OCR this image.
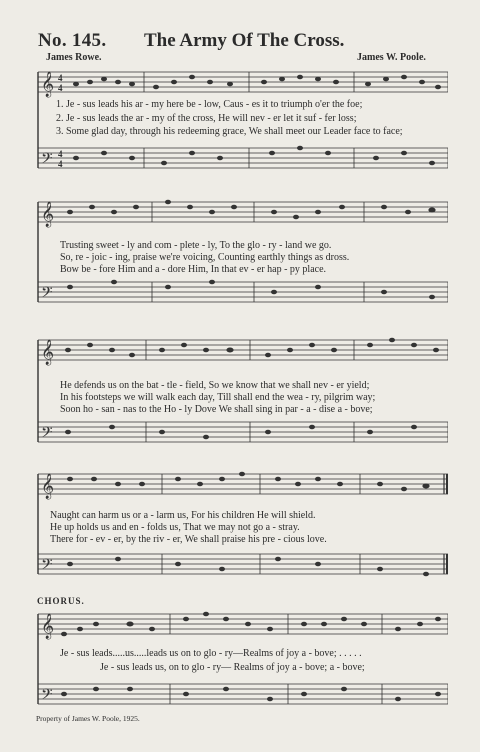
No. 145. The Army Of The Cross.
James Rowe.	James W. Poole.
𝄞
𝄢
4
4
4
4
1. Je - sus leads his ar - my here be - low, Caus - es it to triumph o'er the foe;
2. Je - sus leads the ar - my of the cross, He will nev - er let it suf - fer loss;
3. Some glad day, through his redeeming grace, We shall meet our Leader face to face;
𝄞
𝄢
Trusting sweet - ly and com - plete - ly, To the glo - ry - land we go.
So, re - joic - ing, praise we're voicing, Counting earthly things as dross.
Bow be - fore Him and a - dore Him, In that ev - er hap - py place.
𝄞
𝄢
He defends us on the bat - tle - field, So we know that we shall nev - er yield;
In his footsteps we will walk each day, Till shall end the wea - ry, pilgrim way;
Soon ho - san - nas to the Ho - ly Dove We shall sing in par - a - dise a - bove;
𝄞
𝄢
Naught can harm us or a - larm us, For his children He will shield.
He up holds us and en - folds us, That we may not go a - stray.
There for - ev - er, by the riv - er, We shall praise his pre - cious love.
CHORUS.
𝄞
𝄢
Je - sus leads.....us.....leads us on to glo - ry—Realms of joy a - bove; . . . . .
Je - sus leads us, on to glo - ry— Realms of joy a - bove; a - bove;
Property of James W. Poole, 1925.
